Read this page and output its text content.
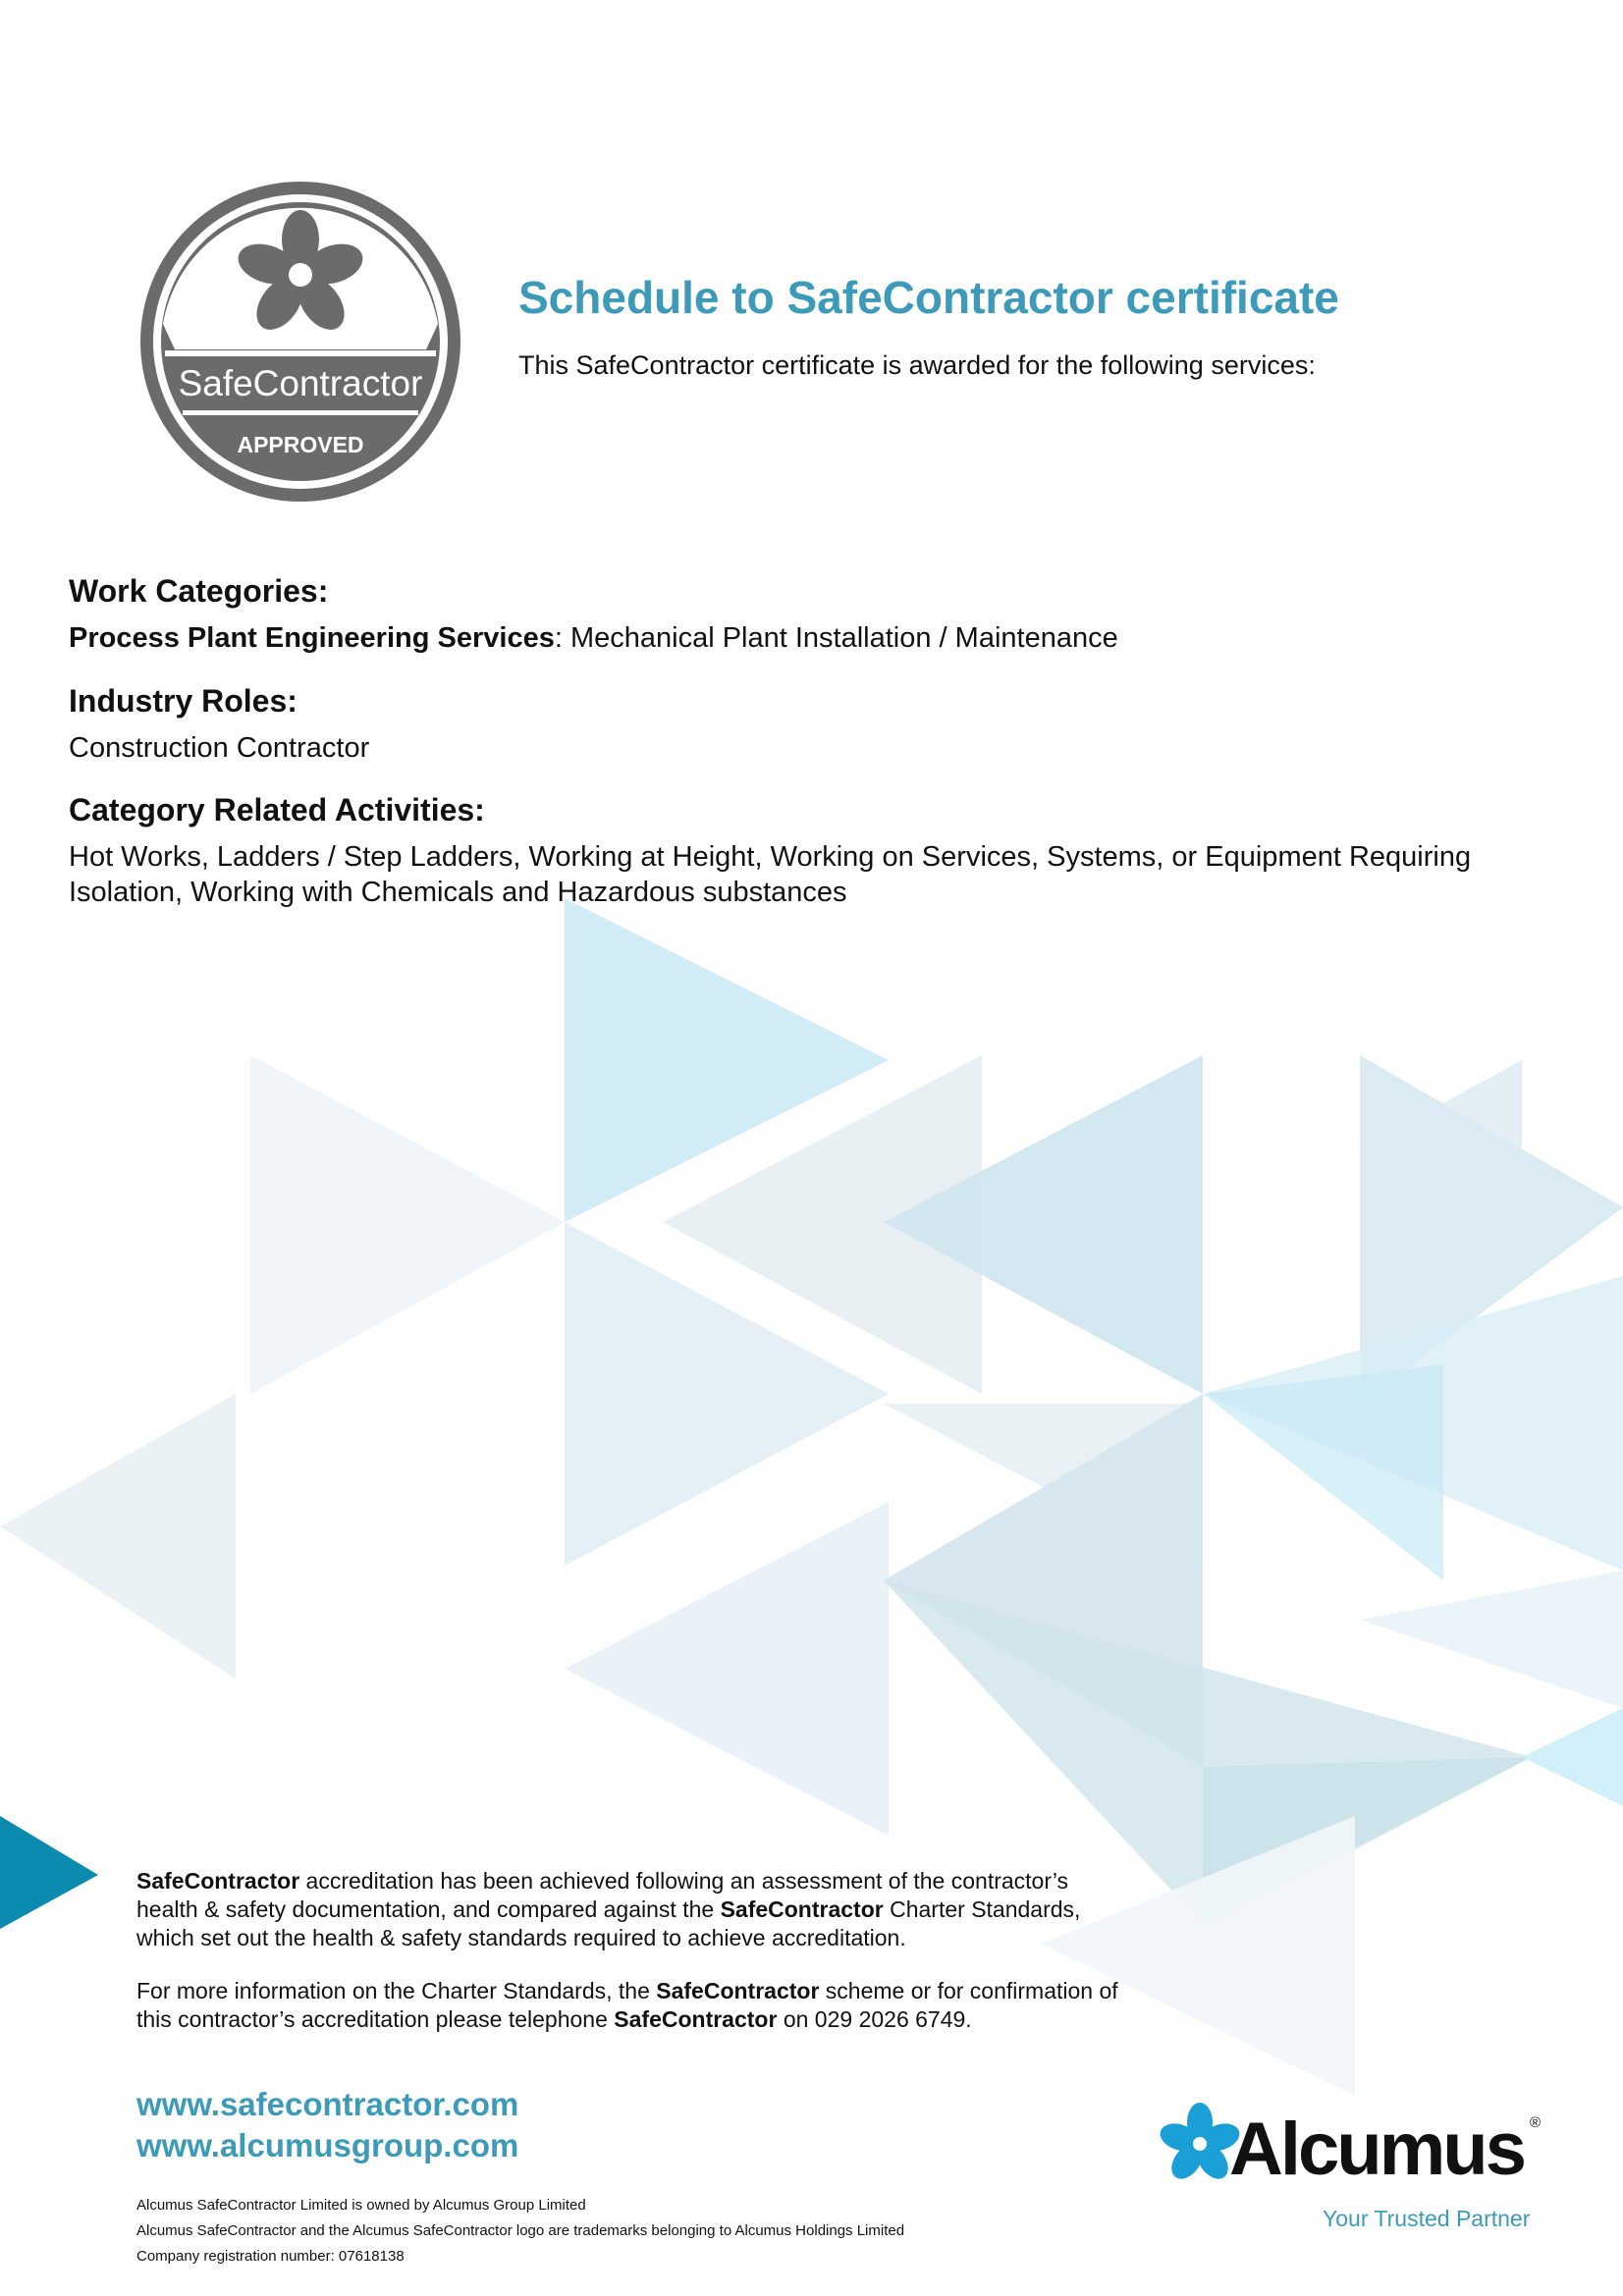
SafeContractor
APPROVED
Schedule to SafeContractor certificate

This SafeContractor certificate is awarded for the following services:

Work Categories:

Process Plant Engineering Services: Mechanical Plant Installation / Maintenance

Industry Roles:

Construction Contractor

Category Related Activities:

Hot Works, Ladders / Step Ladders, Working at Height, Working on Services, Systems, or Equipment Requiring
Isolation, Working with Chemicals and Hazardous substances

SafeContractor accreditation has been achieved following an assessment of the contractor’s
health & safety documentation, and compared against the SafeContractor Charter Standards,
which set out the health & safety standards required to achieve accreditation.

For more information on the Charter Standards, the SafeContractor scheme or for confirmation of
this contractor’s accreditation please telephone SafeContractor on 029 2026 6749.

www.safecontractor.com

www.alcumusgroup.com

Alcumus SafeContractor Limited is owned by Alcumus Group Limited

Alcumus SafeContractor and the Alcumus SafeContractor logo are trademarks belonging to Alcumus Holdings Limited

Company registration number: 07618138

Alcumus ®

Your Trusted Partner
